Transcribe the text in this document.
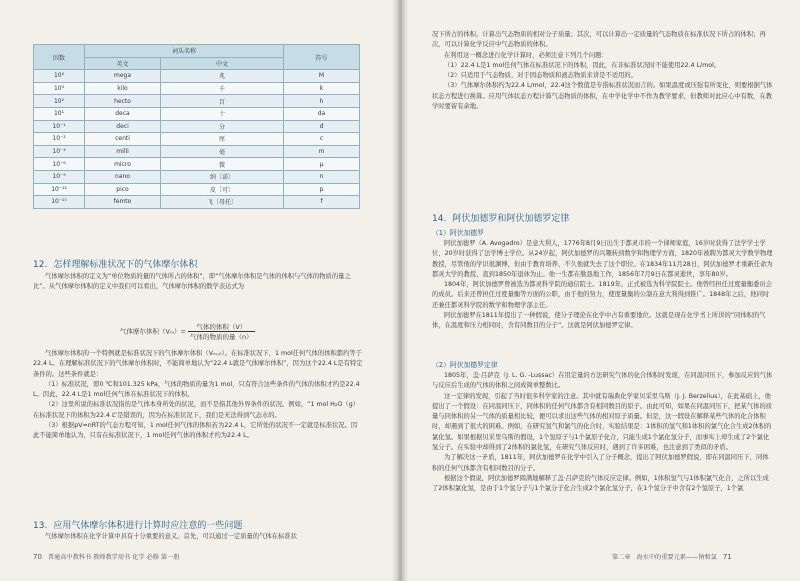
因数	词头名称		符号
	英文	中文	
10⁶	mega	兆	M
10³	kilo	千	k
10²	hecto	百	h
10¹	deca	十	da
10⁻¹	deci	分	d
10⁻²	centi	厘	c
10⁻³	milli	毫	m
10⁻⁶	micro	微	μ
10⁻⁹	nano	纳〔诺〕	n
10⁻¹²	pico	皮〔可〕	p
10⁻¹⁵	femto	飞〔母托〕	f
12. 怎样理解标准状况下的气体摩尔体积

气体摩尔体积的定义为“单位物质的量的气体所占的体积”，即“气体摩尔体积是气体的体积与气体的物质的量之比”。从气体摩尔体积的定义中我们可以看出，气体摩尔体积的数学表达式为

气体摩尔体积$(V_m)= \frac{\text{气体的体积（V）}}{\text{气体的物质的量（n）}}$

气体摩尔体积的一个特例就是标准状况下的气体摩尔体积（Vₘ,₀）。在标准状况下，1 mol任何气体的体积都约等于22.4 L。在理解标准状况下的气体摩尔体积时，不能简单地认为“22.4 L就是气体摩尔体积”，因为这个22.4 L是有特定条件的。这些条件就是：

（1）标准状况，即0 ℃和101.325 kPa，气体的物质的量为1 mol，只有符合这些条件的气体的体积才约是22.4 L。因此，22.4 L是1 mol任何气体在标准状况下的体积。

（2）这里所说的标准状况指的是气体本身所处的状况，而不是指其他外界条件的状况。例如，“1 mol H₂O（g）在标准状况下的体积为22.4 L”是错误的，因为在标准状况下，我们是无法得到气态水的。

（3）根据pV=nRT的气态方程可知，1 mol任何气体的体积若为22.4 L，它所处的状况不一定就是标准状况。因此不能简单地认为，只有在标准状况下，1 mol任何气体的体积才约为22.4 L。

13. 应用气体摩尔体积进行计算时应注意的一些问题

气体摩尔体积在化学计算中具有十分重要的意义。首先，可以通过一定质量的气体在标准状

70 普通高中教科书 教师教学用书 化学 必修 第一册

况下所占的体积，计算出气态物质的相对分子质量；其次，可以计算出一定质量的气态物质在标准状况下所占的体积；再次，可以计算化学反应中气态物质的体积。

在利用这一概念进行化学计算时，必须注意下列几个问题：

（1）22.4 L是1 mol任何气体在标准状况下的体积，因此，在非标准状况时不能使用22.4 L/mol。

（2）只适用于气态物质，对于固态物质和液态物质来讲是不适用的。

（3）气体摩尔体积约为22.4 L/mol，22.4这个数值是专指标准状况而言的。如果温度或压强有所变化，则要根据气体状态方程进行换算。应用气体状态方程计算气态物质的体积，在中学化学中不作为教学要求，但教师对此应心中有数，在教学时要留有余地。

14. 阿伏加德罗和阿伏加德罗定律
（1）阿伏加德罗

阿伏加德罗（A. Avogadro）是意大利人，1776年8月9日出生于都灵市的一个律师家庭，16岁时获得了法学学士学位，20岁时获得了法学博士学位。从24岁起，阿伏加德罗的兴趣转到数学和物理学方面，1820年被聘为都灵大学数学物理教授，尽管他的学识很渊博，但由于教育培养，不久他就失去了这个职位。在1834年11月28日，阿伏加德罗才重新任命为都灵大学的教授，直到1850年退休为止。他一生都在勤恳地工作，1856年7月9日在都灵逝世，享年80岁。

1804年，阿伏加德罗曾被选为都灵科学院的通信院士。1819年，正式被选为科学院院士。他曾经担任过度量衡委员会的成员。后来还曾担任过度量衡等方面的公职，由于他的努力，使度量衡的公制在意大利得到推广。1848年之后，他同时还兼任都灵科学院的数学和物理学部主任。

阿伏加德罗在1811年提出了一种假说，使分子理论在化学中占有重要地位。这就是现在化学书上所讲的“同体积的气体，在温度和压力相同时，含有同数目的分子”。这就是阿伏加德罗定律。

（2）阿伏加德罗定律

1805年，盖·吕萨克（J. L. G. -Lussac）在用定量的方法研究气体的化合体积时发现，在同温同压下，参加反应的气体与反应后生成的气体的体积之间成简单整数比。

这一定律的发现，引起了当时很多科学家的注意。其中就有瑞典化学家贝采里乌斯（J. J. Berzelius），在此基础上，他提出了一个假设：在同温同压下，同体积的任何气体都含有相同数目的原子。由此可知，如果在同温同压下，把某气体的质量与同体积的另一气体的质量相比较，便可以求出这些气体的相对原子质量。但是，这一假设在解释某些气体的化合体积时，却遇到了很大的困难。例如，在研究氢气和氯气的化合时，实验结果是：1体积的氢气和1体积的氯气化合生成2体积的氯化氢。如果根据贝采里乌斯的假设，1个氢原子与1个氯原子化合，只能生成1个氯化氢分子，而事实上却生成了2个氯化氢分子。在实验中却得到了2体积的氯化氢，在研究气体反应时，遇到了许多困难，也注意到了类似的矛盾。

为了解决这一矛盾，1811年，阿伏加德罗在化学中引入了分子概念，提出了阿伏加德罗假说，即在同温同压下，同体积的任何气体都含有相同数目的分子。

根据这个假说，阿伏加德罗圆满地解释了盖·吕萨克的气体反应定律。例如，1体积氢气与1体积氯气化合，之所以生成了2体积氯化氢，是由于1个氢分子与1个氯分子化合生成2个氯化氢分子，在1个氢分子中含有2个氢原子，1个氯

第二章 海水中的重要元素——钠和氯 71
